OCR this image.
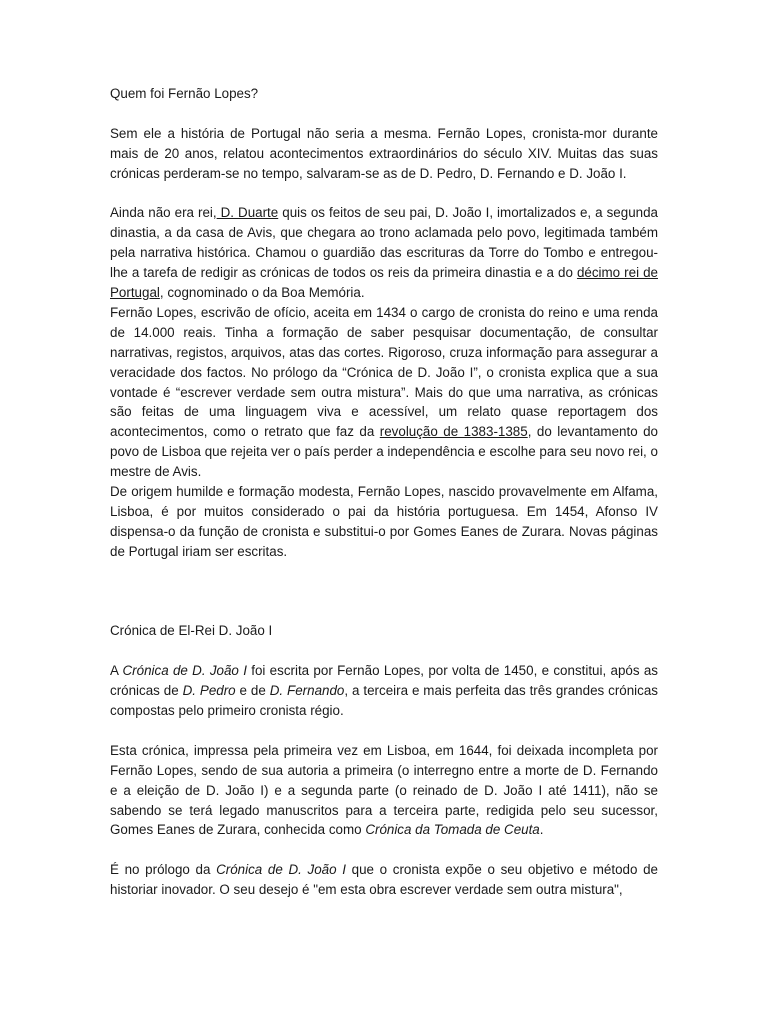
Quem foi Fernão Lopes?

Sem ele a história de Portugal não seria a mesma. Fernão Lopes, cronista-mor durante mais de 20 anos, relatou acontecimentos extraordinários do século XIV. Muitas das suas crónicas perderam-se no tempo, salvaram-se as de D. Pedro, D. Fernando e D. João I.

Ainda não era rei, D. Duarte quis os feitos de seu pai, D. João I, imortalizados e, a segunda dinastia, a da casa de Avis, que chegara ao trono aclamada pelo povo, legitimada também pela narrativa histórica. Chamou o guardião das escrituras da Torre do Tombo e entregou-lhe a tarefa de redigir as crónicas de todos os reis da primeira dinastia e a do décimo rei de Portugal, cognominado o da Boa Memória.

Fernão Lopes, escrivão de ofício, aceita em 1434 o cargo de cronista do reino e uma renda de 14.000 reais. Tinha a formação de saber pesquisar documentação, de consultar narrativas, registos, arquivos, atas das cortes. Rigoroso, cruza informação para assegurar a veracidade dos factos. No prólogo da “Crónica de D. João I”, o cronista explica que a sua vontade é “escrever verdade sem outra mistura”. Mais do que uma narrativa, as crónicas são feitas de uma linguagem viva e acessível, um relato quase reportagem dos acontecimentos, como o retrato que faz da revolução de 1383-1385, do levantamento do povo de Lisboa que rejeita ver o país perder a independência e escolhe para seu novo rei, o mestre de Avis.

De origem humilde e formação modesta, Fernão Lopes, nascido provavelmente em Alfama, Lisboa, é por muitos considerado o pai da história portuguesa. Em 1454, Afonso IV dispensa-o da função de cronista e substitui-o por Gomes Eanes de Zurara. Novas páginas de Portugal iriam ser escritas.

Crónica de El-Rei D. João I

A Crónica de D. João I foi escrita por Fernão Lopes, por volta de 1450, e constitui, após as crónicas de D. Pedro e de D. Fernando, a terceira e mais perfeita das três grandes crónicas compostas pelo primeiro cronista régio.

Esta crónica, impressa pela primeira vez em Lisboa, em 1644, foi deixada incompleta por Fernão Lopes, sendo de sua autoria a primeira (o interregno entre a morte de D. Fernando e a eleição de D. João I) e a segunda parte (o reinado de D. João I até 1411), não se sabendo se terá legado manuscritos para a terceira parte, redigida pelo seu sucessor, Gomes Eanes de Zurara, conhecida como Crónica da Tomada de Ceuta.

É no prólogo da Crónica de D. João I que o cronista expõe o seu objetivo e método de historiar inovador. O seu desejo é "em esta obra escrever verdade sem outra mistura",
